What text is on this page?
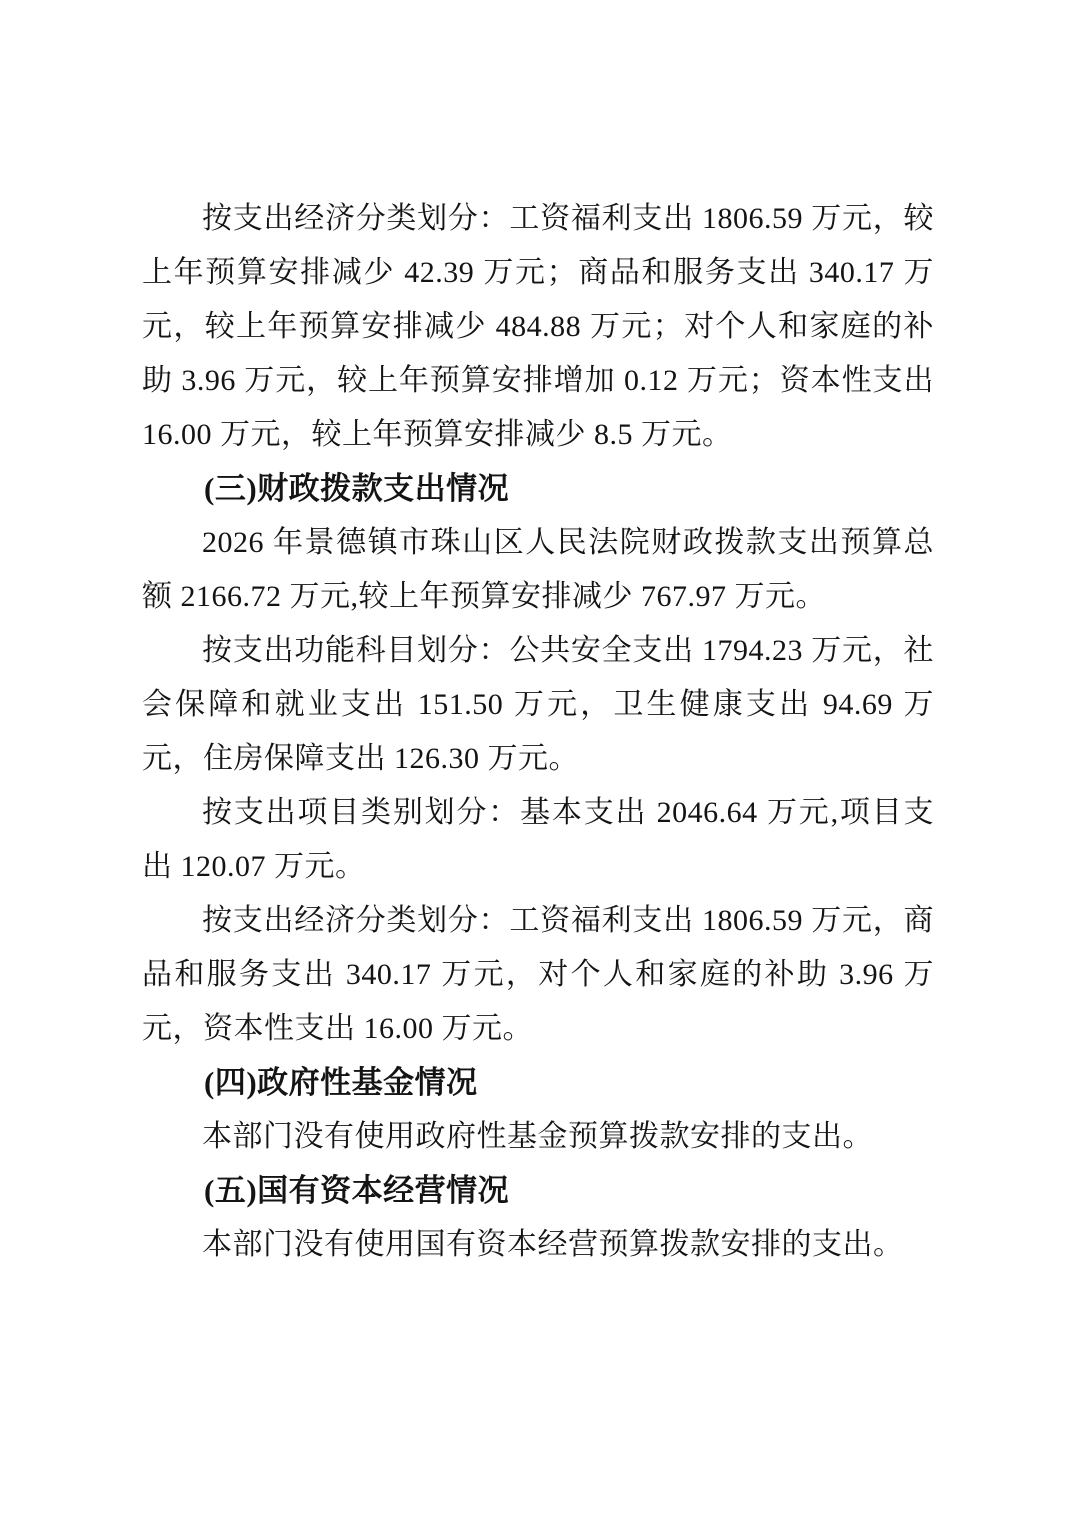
按支出经济分类划分：工资福利支出 1806.59 万元，较上年预算安排减少 42.39 万元；商品和服务支出 340.17 万元，较上年预算安排减少 484.88 万元；对个人和家庭的补助 3.96 万元，较上年预算安排增加 0.12 万元；资本性支出 16.00 万元，较上年预算安排减少 8.5 万元。

(三)财政拨款支出情况

2026 年景德镇市珠山区人民法院财政拨款支出预算总额 2166.72 万元,较上年预算安排减少 767.97 万元。

按支出功能科目划分：公共安全支出 1794.23 万元，社会保障和就业支出 151.50 万元，卫生健康支出 94.69 万元，住房保障支出 126.30 万元。

按支出项目类别划分：基本支出 2046.64 万元,项目支出 120.07 万元。

按支出经济分类划分：工资福利支出 1806.59 万元，商品和服务支出 340.17 万元，对个人和家庭的补助 3.96 万元，资本性支出 16.00 万元。

(四)政府性基金情况

本部门没有使用政府性基金预算拨款安排的支出。

(五)国有资本经营情况

本部门没有使用国有资本经营预算拨款安排的支出。
